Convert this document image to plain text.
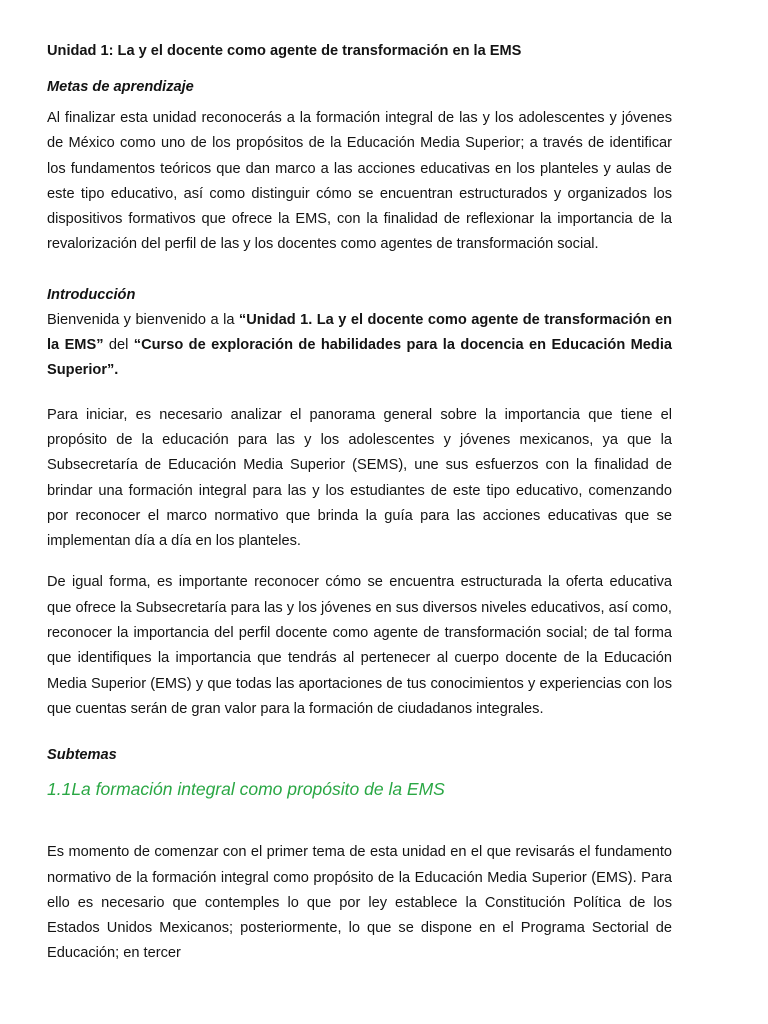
Unidad 1: La y el docente como agente de transformación en la EMS

Metas de aprendizaje

Al finalizar esta unidad reconocerás a la formación integral de las y los adolescentes y jóvenes de México como uno de los propósitos de la Educación Media Superior; a través de identificar los fundamentos teóricos que dan marco a las acciones educativas en los planteles y aulas de este tipo educativo, así como distinguir cómo se encuentran estructurados y organizados los dispositivos formativos que ofrece la EMS, con la finalidad de reflexionar la importancia de la revalorización del perfil de las y los docentes como agentes de transformación social.

Introducción

Bienvenida y bienvenido a la “Unidad 1. La y el docente como agente de transformación en la EMS” del “Curso de exploración de habilidades para la docencia en Educación Media Superior”.

Para iniciar, es necesario analizar el panorama general sobre la importancia que tiene el propósito de la educación para las y los adolescentes y jóvenes mexicanos, ya que la Subsecretaría de Educación Media Superior (SEMS), une sus esfuerzos con la finalidad de brindar una formación integral para las y los estudiantes de este tipo educativo, comenzando por reconocer el marco normativo que brinda la guía para las acciones educativas que se implementan día a día en los planteles.

De igual forma, es importante reconocer cómo se encuentra estructurada la oferta educativa que ofrece la Subsecretaría para las y los jóvenes en sus diversos niveles educativos, así como, reconocer la importancia del perfil docente como agente de transformación social; de tal forma que identifiques la importancia que tendrás al pertenecer al cuerpo docente de la Educación Media Superior (EMS) y que todas las aportaciones de tus conocimientos y experiencias con los que cuentas serán de gran valor para la formación de ciudadanos integrales.

Subtemas

1.1La formación integral como propósito de la EMS

Es momento de comenzar con el primer tema de esta unidad en el que revisarás el fundamento normativo de la formación integral como propósito de la Educación Media Superior (EMS). Para ello es necesario que contemples lo que por ley establece la Constitución Política de los Estados Unidos Mexicanos; posteriormente, lo que se dispone en el Programa Sectorial de Educación; en tercer
